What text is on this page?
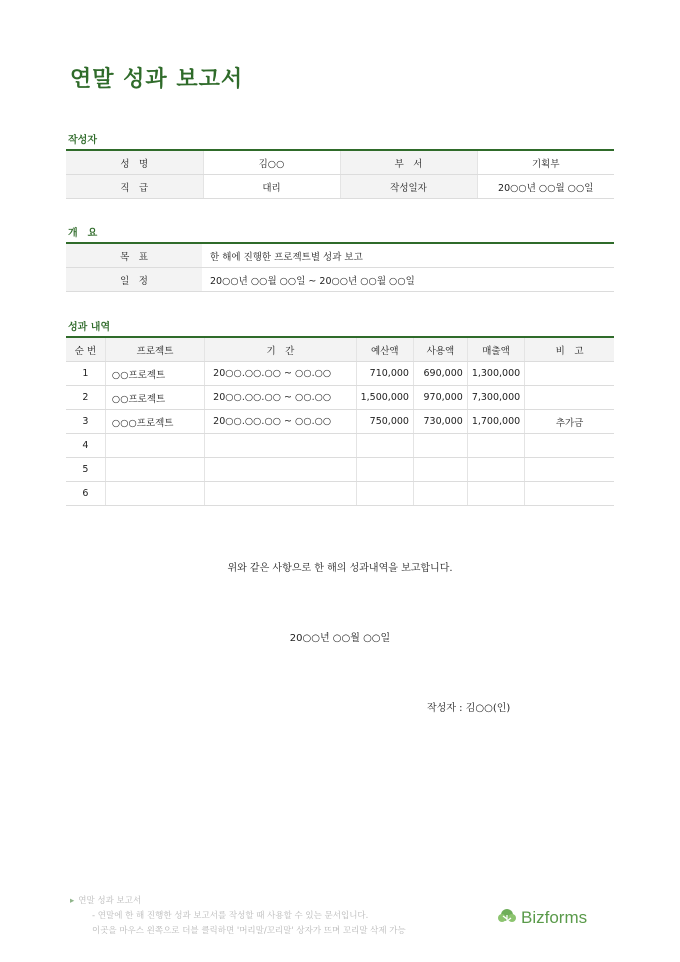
연말 성과 보고서
작성자
성　명	김○○	부　서	기획부
직　급	대리	작성일자	20○○년 ○○월 ○○일
개　요
목　표	한 해에 진행한 프로젝트별 성과 보고
일　정	20○○년 ○○월 ○○일 ~ 20○○년 ○○월 ○○일
성과 내역
순 번	프로젝트	기　간	예산액	사용액	매출액	비　고
1	○○프로젝트	20○○.○○.○○ ~ ○○.○○	710,000	690,000	1,300,000	
2	○○프로젝트	20○○.○○.○○ ~ ○○.○○	1,500,000	970,000	7,300,000	
3	○○○프로젝트	20○○.○○.○○ ~ ○○.○○	750,000	730,000	1,700,000	추가금
4						
5						
6						
위와 같은 사항으로 한 해의 성과내역을 보고합니다.
20○○년 ○○월 ○○일
작성자 : 김○○(인)
▸ 연말 성과 보고서
- 연말에 한 해 진행한 성과 보고서를 작성할 때 사용할 수 있는 문서입니다.
이곳을 마우스 왼쪽으로 더블 클릭하면 '머리말/꼬리말' 상자가 뜨며 꼬리말 삭제 가능
Bizforms
